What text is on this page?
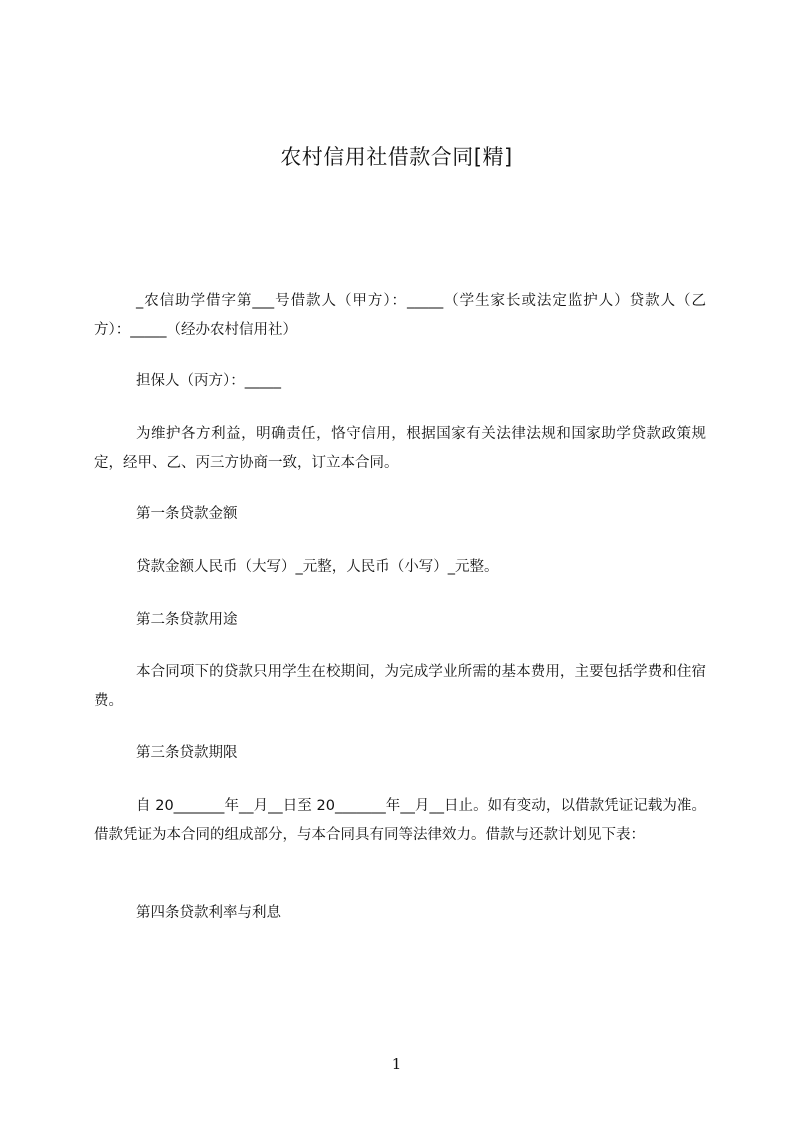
农村信用社借款合同[精]

_农信助学借字第___号借款人（甲方）：_____（学生家长或法定监护人）贷款人（乙方）：_____（经办农村信用社）

担保人（丙方）：_____

为维护各方利益，明确责任，恪守信用，根据国家有关法律法规和国家助学贷款政策规定，经甲、乙、丙三方协商一致，订立本合同。

第一条贷款金额

贷款金额人民币（大写）_元整，人民币（小写）_元整。

第二条贷款用途

本合同项下的贷款只用学生在校期间，为完成学业所需的基本费用，主要包括学费和住宿费。

第三条贷款期限

自 20_______年__月__日至 20_______年__月__日止。如有变动，以借款凭证记载为准。借款凭证为本合同的组成部分，与本合同具有同等法律效力。借款与还款计划见下表：

第四条贷款利率与利息

1
